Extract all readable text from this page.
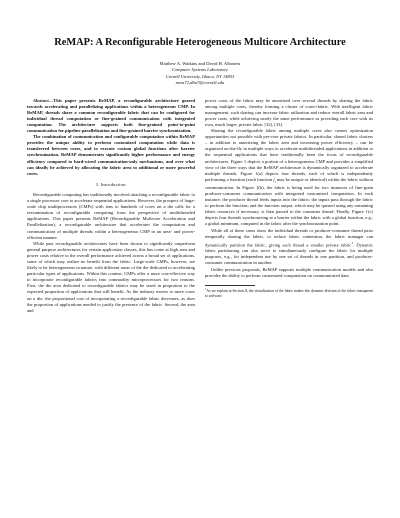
ReMAP: A Reconfigurable Heterogeneous Multicore Architecture
Matthew A. Watkins and David H. Albonesi
Computer Systems Laboratory
Cornell University, Ithaca, NY 14853
mwa72,dha7@cornell.edu

Abstract—This paper presents ReMAP, a reconfigurable architecture geared towards accelerating and parallelizing applications within a heterogeneous CMP. In ReMAP, threads share a common reconfigurable fabric that can be configured for individual thread computation or fine-grained communication with integrated computation. The architecture supports both fine-grained point-to-point communication for pipeline parallelization and fine-grained barrier synchronization.

The combination of communication and configurable computation within ReMAP provides the unique ability to perform customized computation while data is transferred between cores, and to execute custom global functions after barrier synchronization. ReMAP demonstrates significantly higher performance and energy efficiency compared to hard-wired communication-only mechanisms, and over what can ideally be achieved by allocating the fabric area to additional or more powerful cores.

I. Introduction

Reconfigurable computing has traditionally involved attaching a reconfigurable fabric to a single processor core to accelerate sequential applications. However, the prospect of large-scale chip multiprocessors (CMPs) with tens to hundreds of cores on a die calls for a reexamination of reconfigurable computing from the perspective of multithreaded applications. This paper presents ReMAP (Reconfigurable Multicore Acceleration and Parallelization), a reconfigurable architecture that accelerates the computation and communication of multiple threads within a heterogeneous CMP in an area- and power-efficient manner.

While past reconfigurable architectures have been shown to significantly outperform general purpose architectures for certain application classes, this has come at high area and power costs relative to the overall performance achieved across a broad set of applications, some of which may realize no benefit from the fabric. Large-scale CMPs, however, are likely to be heterogeneous in nature, with different areas of the die dedicated to accelerating particular types of applications. Within this context, CMPs offer a more cost-effective way to incorporate reconfigurable fabrics into commodity microprocessors for two reasons. First, the die area dedicated to reconfigurable fabrics may be sized in proportion to the expected proportion of applications that will benefit. As the industry moves to more cores on a die, the proportional cost of incorporating a reconfigurable fabric decreases, as does the proportion of applications needed to justify the presence of the fabric. Second, the area and

power costs of the fabric may be amortized over several threads by sharing the fabric among multiple cores, thereby forming a cluster of cores+fabric. With intelligent fabric management, such sharing can increase fabric utilization and reduce overall fabric area and power costs, while achieving nearly the same performance as providing each core with its own, much larger, private fabric [32], [33].

Sharing the reconfigurable fabric among multiple cores also creates optimization opportunities not possible with per-core private fabrics. In particular, shared fabric clusters – in addition to amortizing the fabric area and increasing power efficiency – can be organized on-the-fly in multiple ways to accelerate multithreaded applications in addition to the sequential applications that have traditionally been the focus of reconfigurable architectures. Figure 1 depicts a portion of a heterogeneous CMP and provides a simplified view of the three ways that the ReMAP architecture is dynamically organized to accelerate multiple threads. Figure 1(a) depicts four threads, each of which is independently performing a function (each function $f_i$ may be unique or identical) within the fabric without communication. In Figure 1(b), the fabric is being used for two instances of fine-grain producer-consumer communication with integrated customized computation. In each instance, the producer thread feeds inputs into the fabric; the inputs pass through the fabric to perform the function; and the function output, which may be queued using any remaining fabric resources if necessary, is then passed to the consumer thread. Finally, Figure 1(c) depicts four threads synchronizing at a barrier within the fabric with a global function, e.g., a global minimum, computed in the fabric after the synchronization point.

While all of these cases show the individual threads or producer-consumer thread pairs temporally sharing the fabric, to reduce fabric contention, the fabric manager can dynamically partition the fabric, giving each thread a smaller private fabric$^1$. Dynamic fabric partitioning can also serve to simultaneously configure the fabric for multiple purposes, e.g., for independent use by one set of threads in one partition, and producer-consumer communication in another.

Unlike previous proposals, ReMAP supports multiple communication models and also provides the ability to perform customized computation on communicated data.

$^1$As we explain in Section II, the virtualization of the fabric makes this dynamic division of the fabric transparent to software.
